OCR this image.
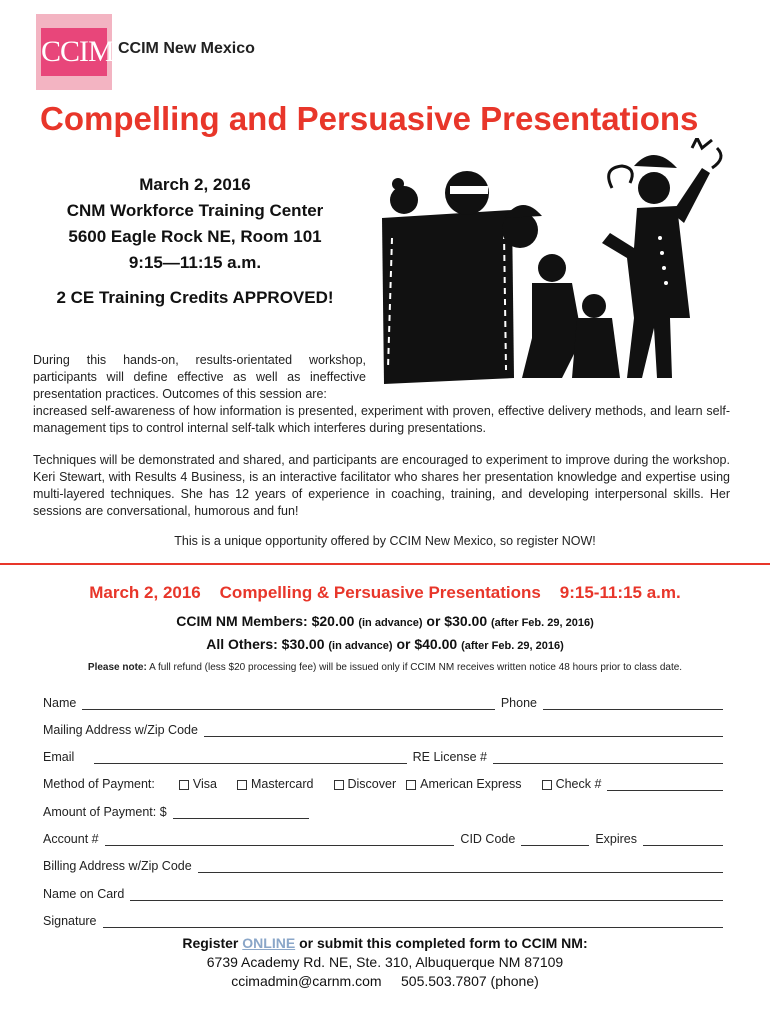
CCIM CCIM New Mexico
Compelling and Persuasive Presentations
March 2, 2016
CNM Workforce Training Center
5600 Eagle Rock NE, Room 101
9:15—11:15 a.m.
2 CE Training Credits APPROVED!
During this hands-on, results-orientated workshop, participants will define effective as well as ineffective presentation practices. Outcomes of this session are:
increased self-awareness of how information is presented, experiment with proven, effective delivery methods, and learn self-management tips to control internal self-talk which interferes during presentations.
Techniques will be demonstrated and shared, and participants are encouraged to experiment to improve during the workshop. Keri Stewart, with Results 4 Business, is an interactive facilitator who shares her presentation knowledge and expertise using multi-layered techniques. She has 12 years of experience in coaching, training, and developing interpersonal skills. Her sessions are conversational, humorous and fun!
This is a unique opportunity offered by CCIM New Mexico, so register NOW!
March 2, 2016    Compelling & Persuasive Presentations    9:15-11:15 a.m.
CCIM NM Members: $20.00 (in advance) or $30.00 (after Feb. 29, 2016)
All Others: $30.00 (in advance) or $40.00 (after Feb. 29, 2016)
Please note: A full refund (less $20 processing fee) will be issued only if CCIM NM receives written notice 48 hours prior to class date.
Name	Phone
Mailing Address w/Zip Code
Email	RE License #
Method of Payment:	Visa	Mastercard	Discover	American Express	Check #
Amount of Payment: $
Account #	CID Code	Expires
Billing Address w/Zip Code
Name on Card
Signature
Register ONLINE or submit this completed form to CCIM NM:
6739 Academy Rd. NE, Ste. 310, Albuquerque NM 87109
ccimadmin@carnm.com 505.503.7807 (phone)
